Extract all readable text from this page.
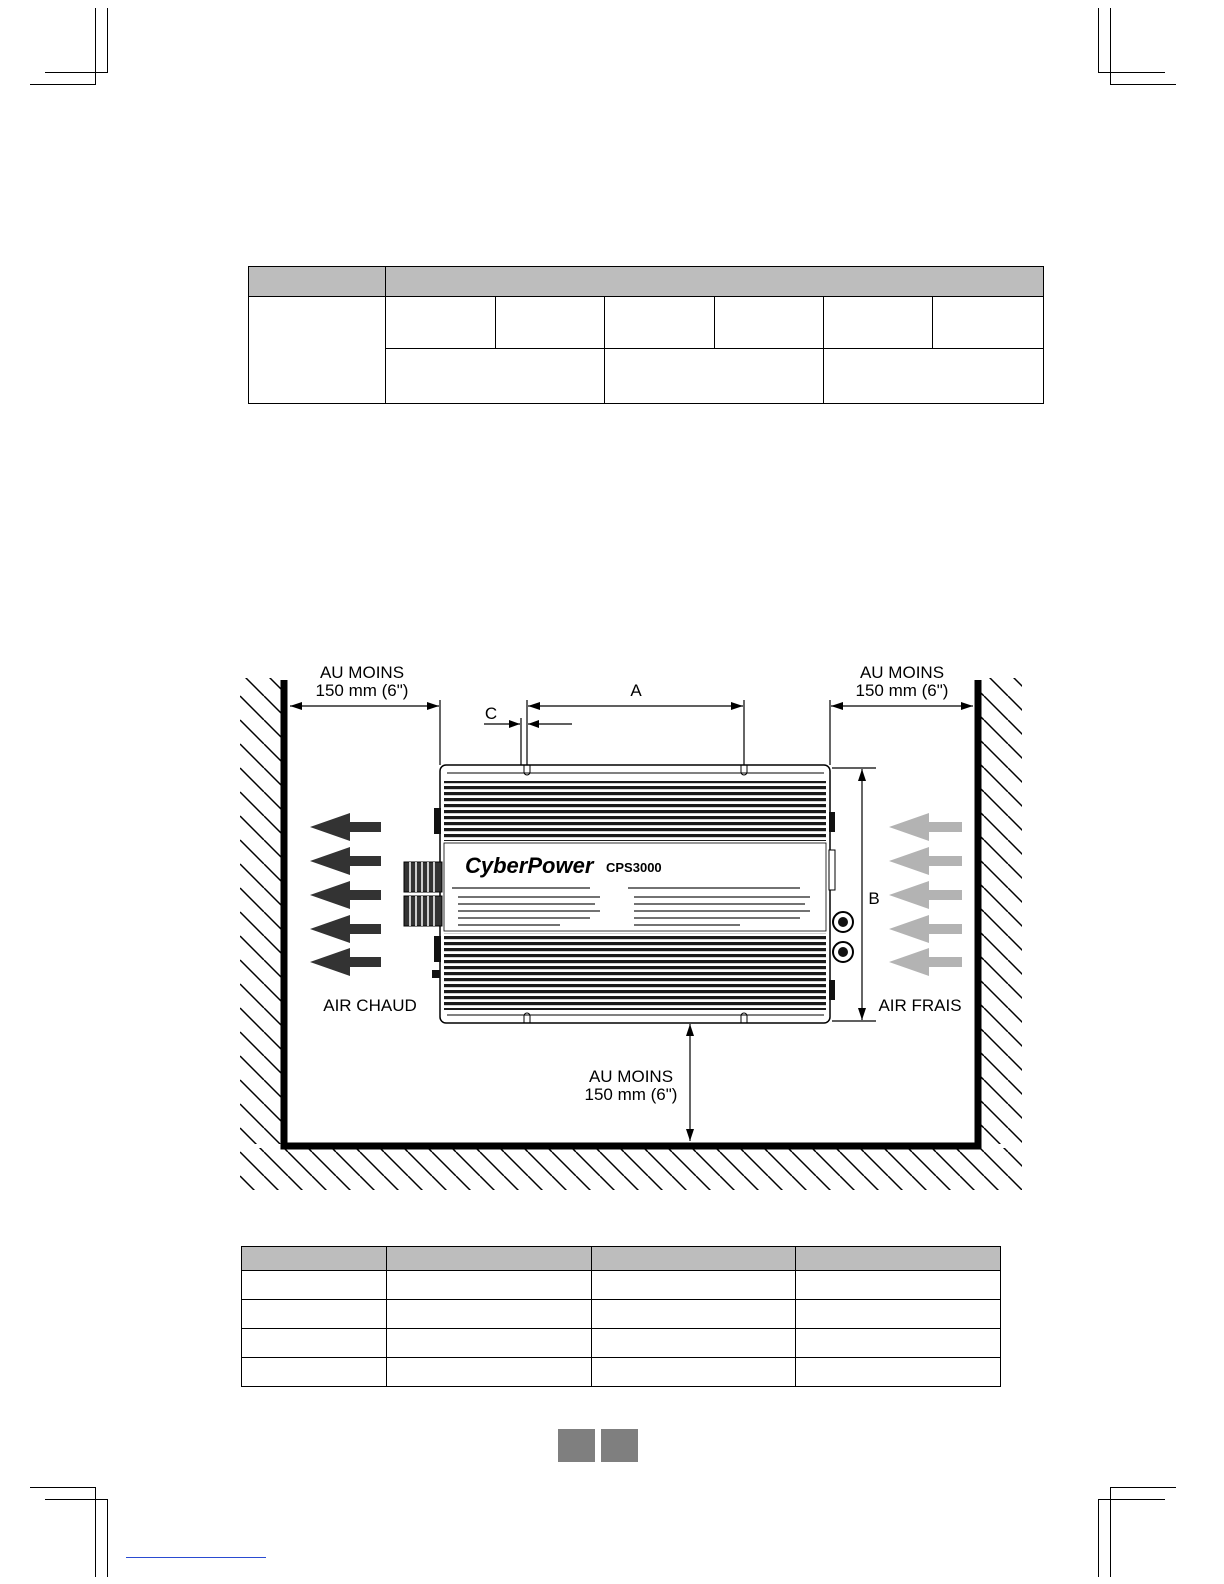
AU MOINS
150 mm (6")
AU MOINS
150 mm (6")
AU MOINS
150 mm (6")
A
C
B
CyberPower CPS3000
AIR CHAUD	AIR FRAIS
